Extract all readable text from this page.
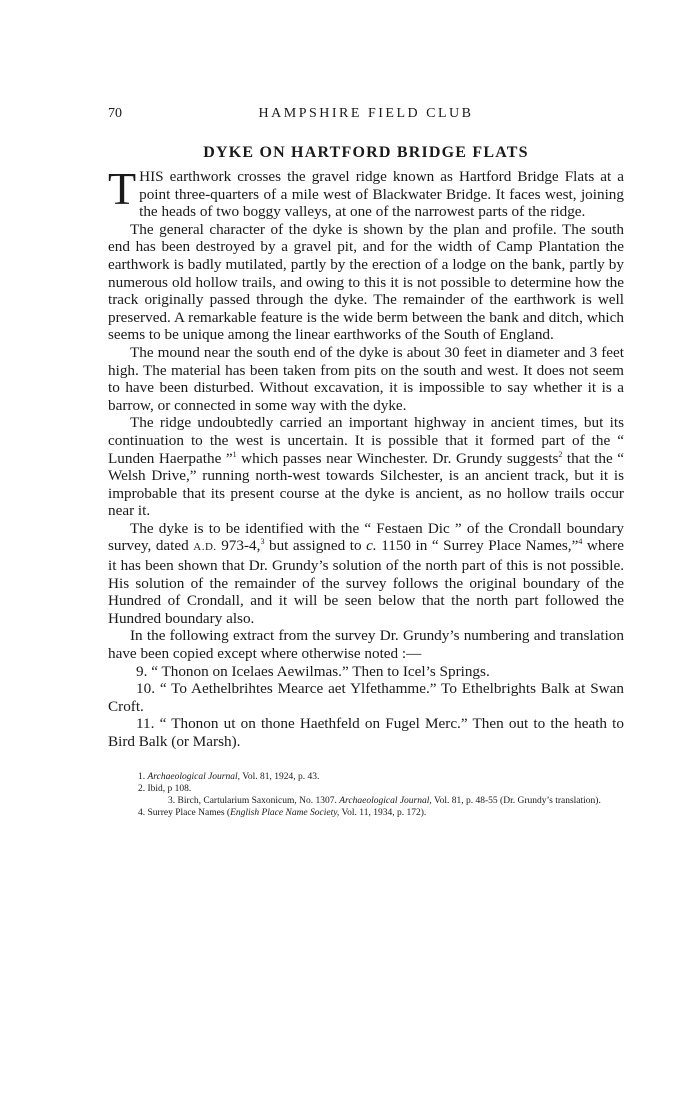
70	HAMPSHIRE FIELD CLUB
DYKE ON HARTFORD BRIDGE FLATS

THIS earthwork crosses the gravel ridge known as Hartford Bridge Flats at a point three-quarters of a mile west of Blackwater Bridge. It faces west, joining the heads of two boggy valleys, at one of the narrowest parts of the ridge.

The general character of the dyke is shown by the plan and profile. The south end has been destroyed by a gravel pit, and for the width of Camp Plantation the earthwork is badly mutilated, partly by the erection of a lodge on the bank, partly by numerous old hollow trails, and owing to this it is not possible to determine how the track originally passed through the dyke. The remainder of the earthwork is well preserved. A remarkable feature is the wide berm between the bank and ditch, which seems to be unique among the linear earthworks of the South of England.

The mound near the south end of the dyke is about 30 feet in diameter and 3 feet high. The material has been taken from pits on the south and west. It does not seem to have been disturbed. Without excavation, it is impossible to say whether it is a barrow, or connected in some way with the dyke.

The ridge undoubtedly carried an important highway in ancient times, but its continuation to the west is uncertain. It is possible that it formed part of the “ Lunden Haerpathe ”$^1$ which passes near Winchester. Dr. Grundy suggests$^2$ that the “ Welsh Drive,” running north-west towards Silchester, is an ancient track, but it is improbable that its present course at the dyke is ancient, as no hollow trails occur near it.

The dyke is to be identified with the “ Festaen Dic ” of the Crondall boundary survey, dated A.D. 973-4,$^3$ but assigned to c. 1150 in “ Surrey Place Names,”$^4$ where it has been shown that Dr. Grundy’s solution of the north part of this is not possible. His solution of the remainder of the survey follows the original boundary of the Hundred of Crondall, and it will be seen below that the north part followed the Hundred boundary also.

In the following extract from the survey Dr. Grundy’s numbering and translation have been copied except where otherwise noted :—

9. “ Thonon on Icelaes Aewilmas.” Then to Icel’s Springs.

10. “ To Aethelbrihtes Mearce aet Ylfethamme.” To Ethelbrights Balk at Swan Croft.

11. “ Thonon ut on thone Haethfeld on Fugel Merc.” Then out to the heath to Bird Balk (or Marsh).

1. Archaeological Journal, Vol. 81, 1924, p. 43.
2. Ibid, p 108.
3. Birch, Cartularium Saxonicum, No. 1307. Archaeological Journal, Vol. 81, p. 48-55 (Dr. Grundy’s translation).
4. Surrey Place Names (English Place Name Society, Vol. 11, 1934, p. 172).
